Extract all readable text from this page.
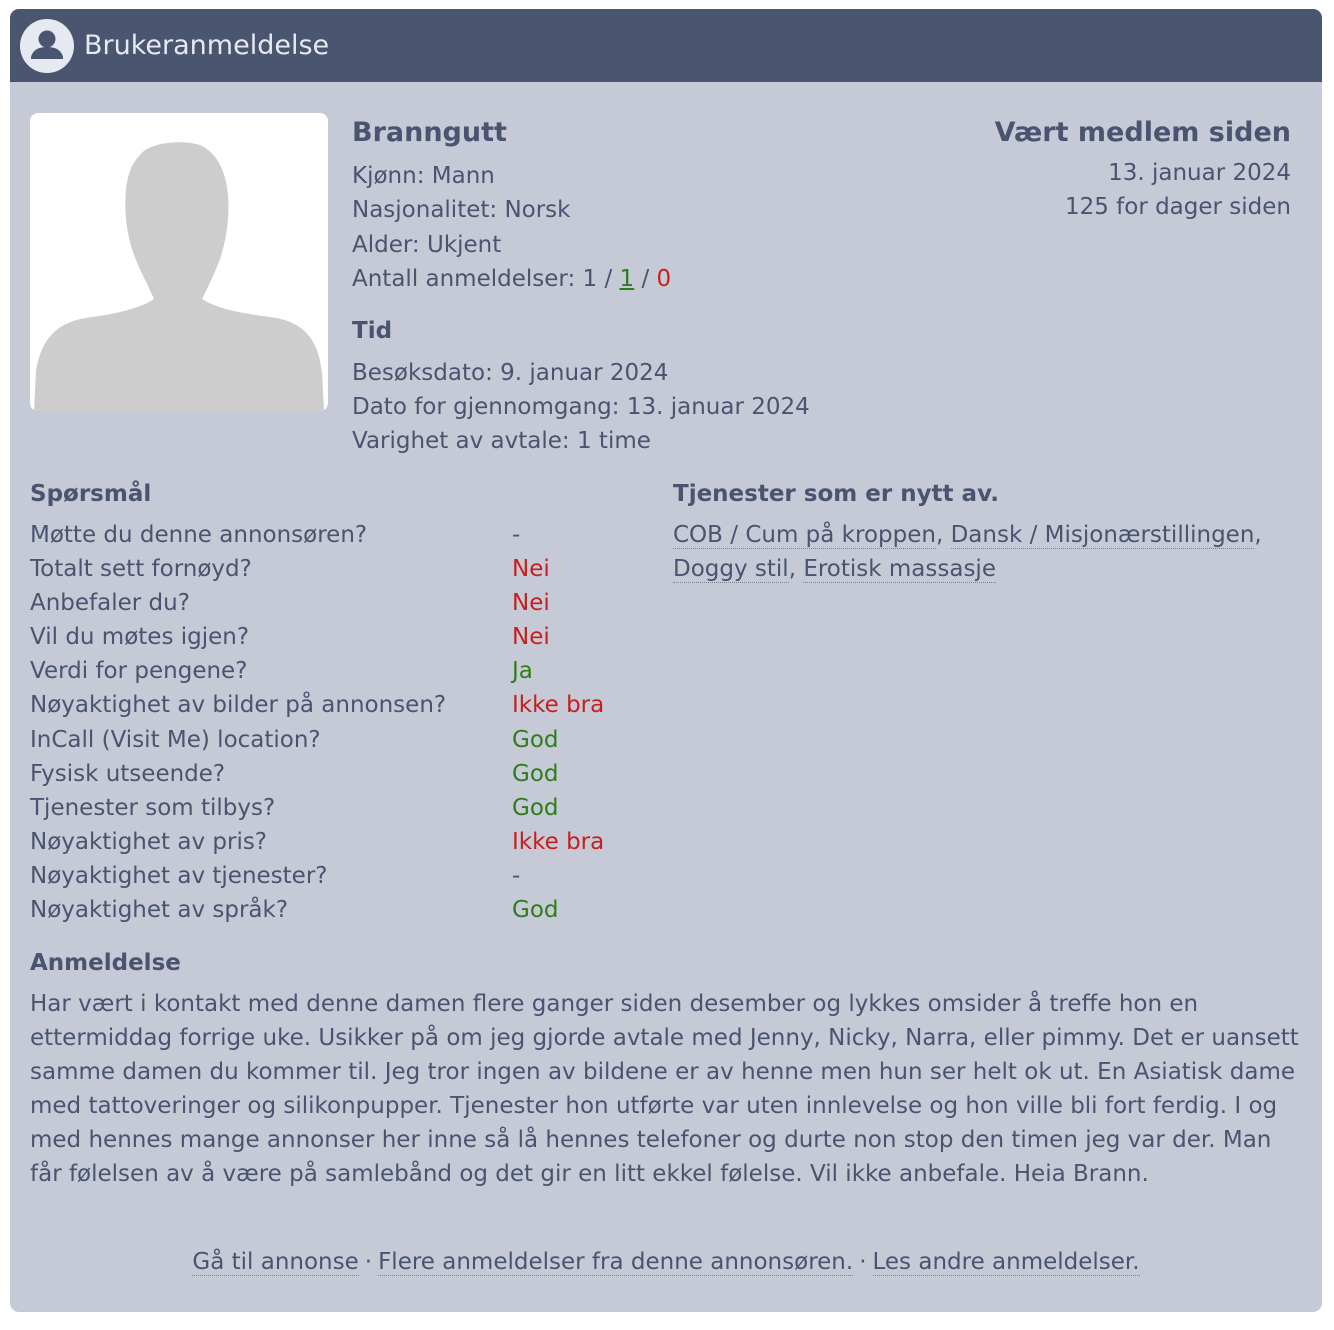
Brukeranmeldelse
Branngutt
Kjønn: Mann
Nasjonalitet: Norsk
Alder: Ukjent
Antall anmeldelser: 1 / 1 / 0
Vært medlem siden
13. januar 2024
125 for dager siden
Tid
Besøksdato: 9. januar 2024
Dato for gjennomgang: 13. januar 2024
Varighet av avtale: 1 time
Spørsmål
Møtte du denne annonsøren?	-
Totalt sett fornøyd?	Nei
Anbefaler du?	Nei
Vil du møtes igjen?	Nei
Verdi for pengene?	Ja
Nøyaktighet av bilder på annonsen?	Ikke bra
InCall (Visit Me) location?	God
Fysisk utseende?	God
Tjenester som tilbys?	God
Nøyaktighet av pris?	Ikke bra
Nøyaktighet av tjenester?	-
Nøyaktighet av språk?	God
Tjenester som er nytt av.
COB / Cum på kroppen, Dansk / Misjonærstillingen, Doggy stil, Erotisk massasje
Anmeldelse
Har vært i kontakt med denne damen flere ganger siden desember og lykkes omsider å treffe hon en ettermiddag forrige uke. Usikker på om jeg gjorde avtale med Jenny, Nicky, Narra, eller pimmy. Det er uansett samme damen du kommer til. Jeg tror ingen av bildene er av henne men hun ser helt ok ut. En Asiatisk dame med tattoveringer og silikonpupper. Tjenester hon utførte var uten innlevelse og hon ville bli fort ferdig. I og med hennes mange annonser her inne så lå hennes telefoner og durte non stop den timen jeg var der. Man får følelsen av å være på samlebånd og det gir en litt ekkel følelse. Vil ikke anbefale. Heia Brann.
Gå til annonse · Flere anmeldelser fra denne annonsøren. · Les andre anmeldelser.
